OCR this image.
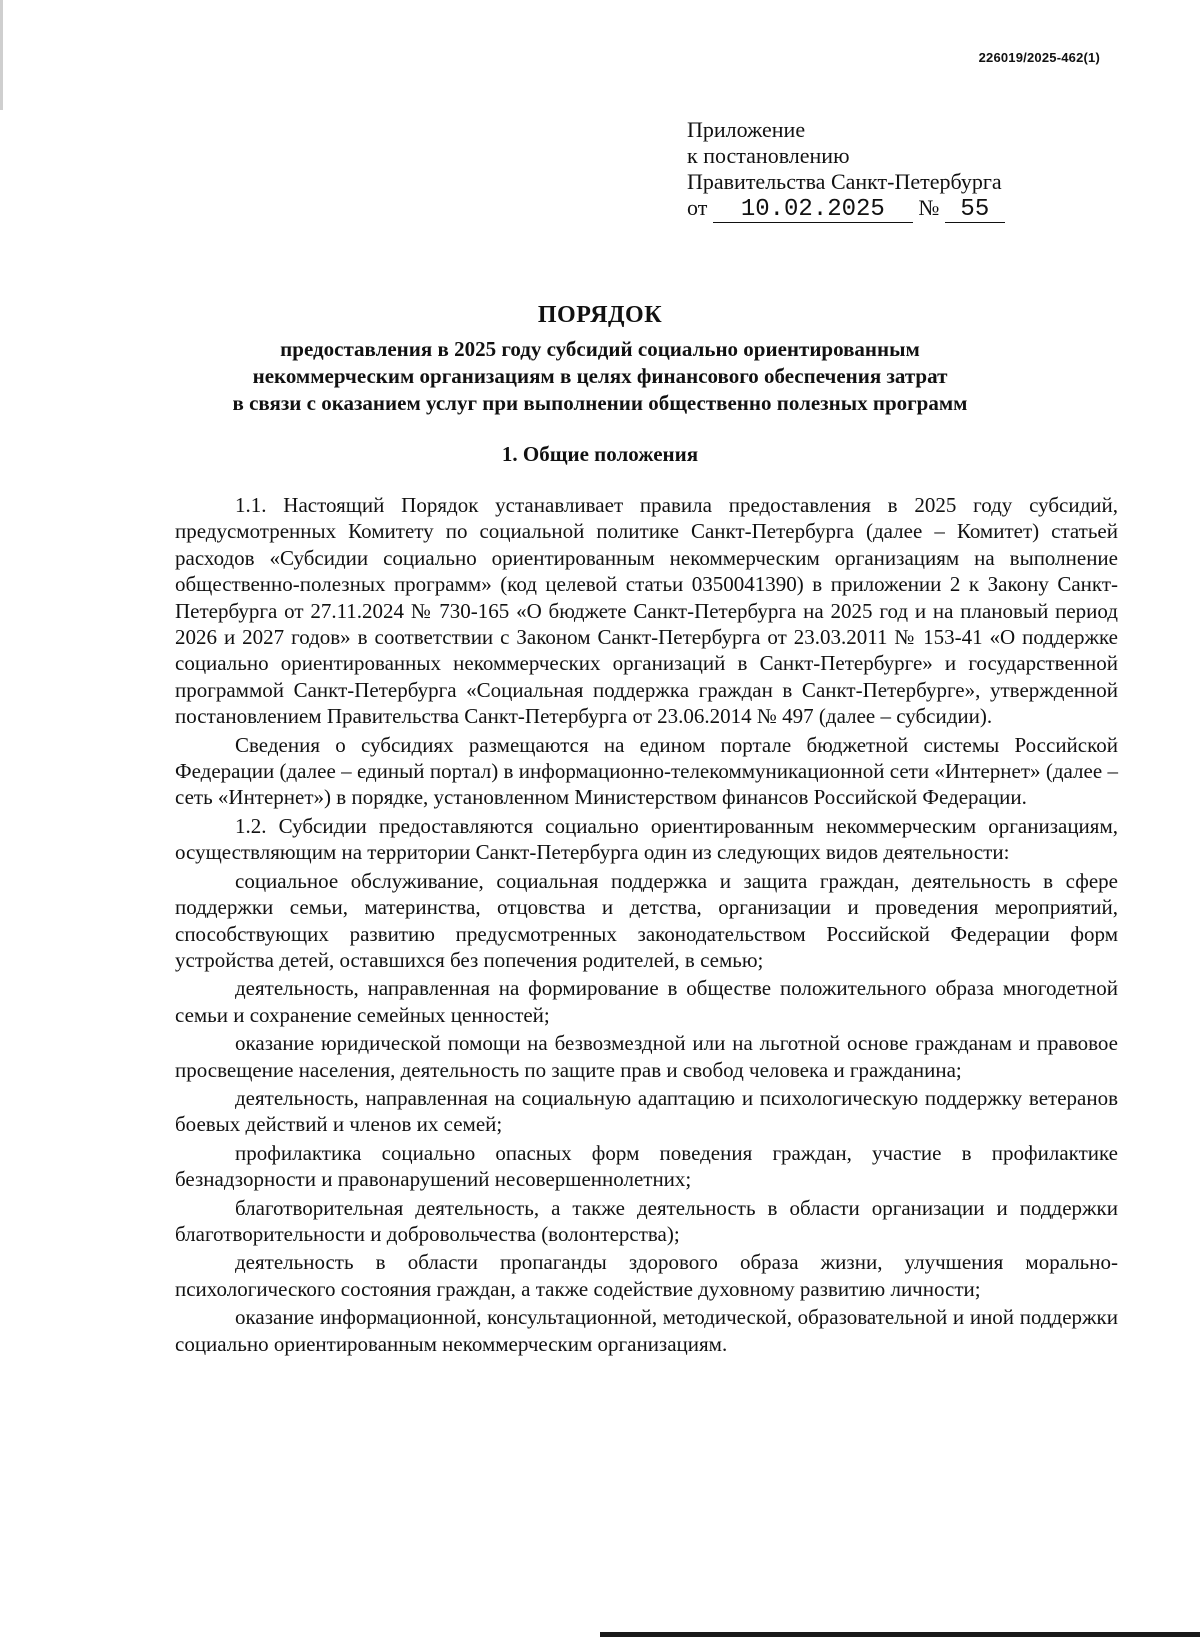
226019/2025-462(1)
Приложение
к постановлению
Правительства Санкт-Петербурга
от 10.02.2025 № 55
ПОРЯДОК
предоставления в 2025 году субсидий социально ориентированным
некоммерческим организациям в целях финансового обеспечения затрат
в связи с оказанием услуг при выполнении общественно полезных программ
1. Общие положения

1.1. Настоящий Порядок устанавливает правила предоставления в 2025 году субсидий, предусмотренных Комитету по социальной политике Санкт-Петербурга (далее – Комитет) статьей расходов «Субсидии социально ориентированным некоммерческим организациям на выполнение общественно-полезных программ» (код целевой статьи 0350041390) в приложении 2 к Закону Санкт-Петербурга от 27.11.2024 № 730-165 «О бюджете Санкт-Петербурга на 2025 год и на плановый период 2026 и 2027 годов» в соответствии с Законом Санкт-Петербурга от 23.03.2011 № 153-41 «О поддержке социально ориентированных некоммерческих организаций в Санкт-Петербурге» и государственной программой Санкт-Петербурга «Социальная поддержка граждан в Санкт-Петербурге», утвержденной постановлением Правительства Санкт-Петербурга от 23.06.2014 № 497 (далее – субсидии).

Сведения о субсидиях размещаются на едином портале бюджетной системы Российской Федерации (далее – единый портал) в информационно-телекоммуникационной сети «Интернет» (далее – сеть «Интернет») в порядке, установленном Министерством финансов Российской Федерации.

1.2. Субсидии предоставляются социально ориентированным некоммерческим организациям, осуществляющим на территории Санкт-Петербурга один из следующих видов деятельности:

социальное обслуживание, социальная поддержка и защита граждан, деятельность в сфере поддержки семьи, материнства, отцовства и детства, организации и проведения мероприятий, способствующих развитию предусмотренных законодательством Российской Федерации форм устройства детей, оставшихся без попечения родителей, в семью;

деятельность, направленная на формирование в обществе положительного образа многодетной семьи и сохранение семейных ценностей;

оказание юридической помощи на безвозмездной или на льготной основе гражданам и правовое просвещение населения, деятельность по защите прав и свобод человека и гражданина;

деятельность, направленная на социальную адаптацию и психологическую поддержку ветеранов боевых действий и членов их семей;

профилактика социально опасных форм поведения граждан, участие в профилактике безнадзорности и правонарушений несовершеннолетних;

благотворительная деятельность, а также деятельность в области организации и поддержки благотворительности и добровольчества (волонтерства);

деятельность в области пропаганды здорового образа жизни, улучшения морально-психологического состояния граждан, а также содействие духовному развитию личности;

оказание информационной, консультационной, методической, образовательной и иной поддержки социально ориентированным некоммерческим организациям.
